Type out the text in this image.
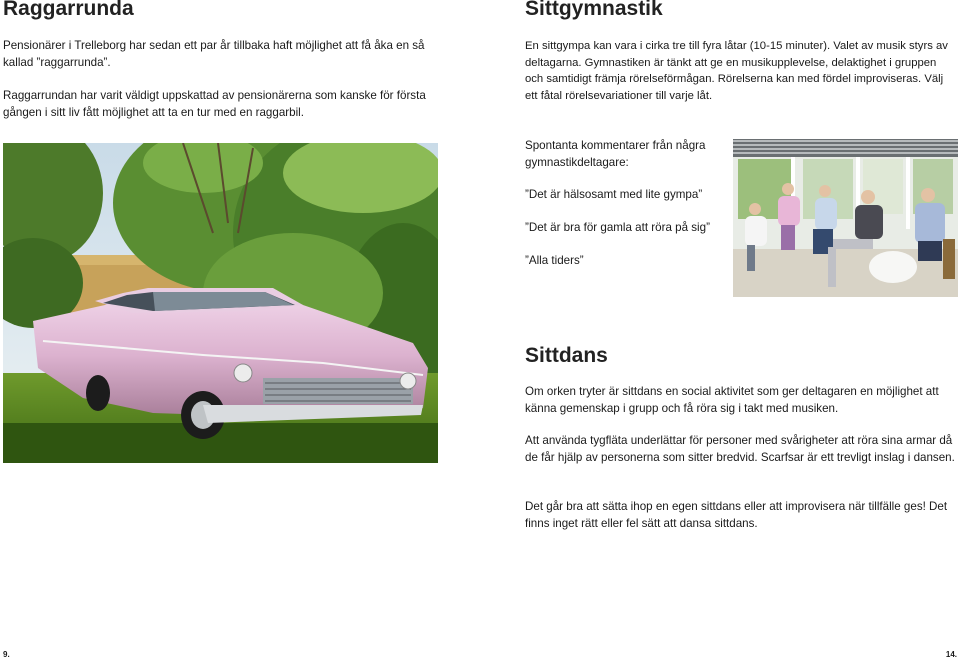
Raggarrunda

Pensionärer i Trelleborg har sedan ett par år tillbaka haft möjlighet att få åka en så kallad ”raggarrunda”.

Raggarrundan har varit väldigt uppskattad av pensionärerna som kanske för första gången i sitt liv fått möjlighet att ta en tur med en raggarbil.

Sittgymnastik

En sittgympa kan vara i cirka tre till fyra låtar (10-15 minuter). Valet av musik styrs av deltagarna. Gymnastiken är tänkt att ge en musikupplevelse, delaktighet i gruppen och samtidigt främja rörelseförmågan. Rörelserna kan med fördel improviseras. Välj ett fåtal rörelsevariationer till varje låt.

Spontanta kommentarer från några gymnastikdeltagare:

”Det är hälsosamt med lite gympa”

”Det är bra för gamla att röra på sig”

”Alla tiders”

Sittdans

Om orken tryter är sittdans en social aktivitet som ger deltagaren en möjlighet att känna gemenskap i grupp och få röra sig i takt med musiken.

Att använda tygfläta underlättar för personer med svårigheter att röra sina armar då de får hjälp av personerna som sitter bredvid. Scarfsar är ett trevligt inslag i dansen.

Det går bra att sätta ihop en egen sittdans eller att improvisera när tillfälle ges! Det finns inget rätt eller fel sätt att dansa sittdans.

9.	14.
